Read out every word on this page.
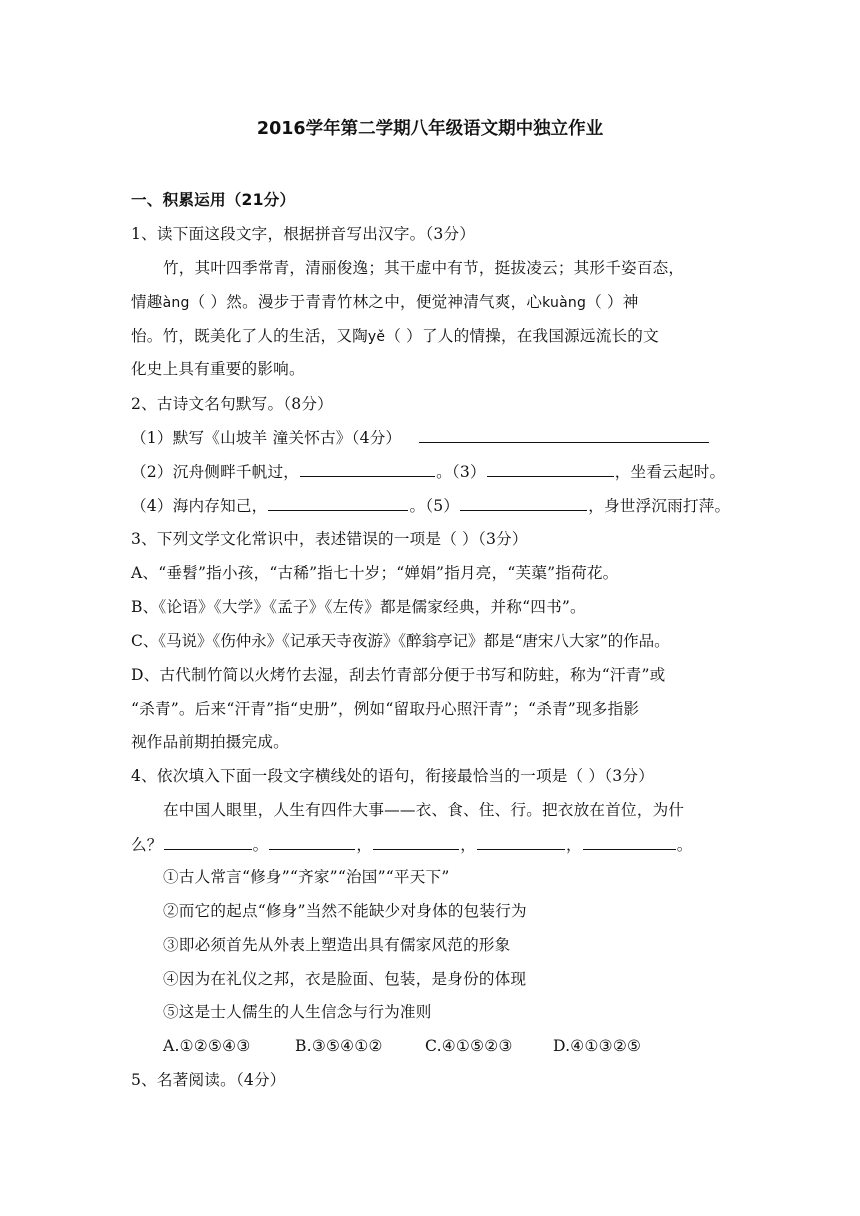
2016学年第二学期八年级语文期中独立作业
一、积累运用（21分）
1、读下面这段文字，根据拼音写出汉字。（3分）
竹，其叶四季常青，清丽俊逸；其干虚中有节，挺拔凌云；其形千姿百态，
情趣àng（ ）然。漫步于青青竹林之中，便觉神清气爽，心kuàng（ ）神
怡。竹，既美化了人的生活，又陶yě（ ）了人的情操，在我国源远流长的文
化史上具有重要的影响。
2、古诗文名句默写。（8分）
（1）默写《山坡羊 潼关怀古》（4分）
（2）沉舟侧畔千帆过，	。（3）	，坐看云起时。
（4）海内存知己，	。（5）	，身世浮沉雨打萍。
3、下列文学文化常识中，表述错误的一项是（ ）（3分）
A、“垂髫”指小孩，“古稀”指七十岁；“婵娟”指月亮，“芙蕖”指荷花。
B、《论语》《大学》《孟子》《左传》都是儒家经典，并称“四书”。
C、《马说》《伤仲永》《记承天寺夜游》《醉翁亭记》都是“唐宋八大家”的作品。
D、古代制竹简以火烤竹去湿，刮去竹青部分便于书写和防蛀，称为“汗青”或
“杀青”。后来“汗青”指“史册”，例如“留取丹心照汗青”；“杀青”现多指影
视作品前期拍摄完成。
4、依次填入下面一段文字横线处的语句，衔接最恰当的一项是（ ）（3分）
在中国人眼里，人生有四件大事——衣、食、住、行。把衣放在首位，为什
么？	。	，	，	，	。
①古人常言“修身”“齐家”“治国”“平天下”
②而它的起点“修身”当然不能缺少对身体的包装行为
③即必须首先从外表上塑造出具有儒家风范的形象
④因为在礼仪之邦，衣是脸面、包装，是身份的体现
⑤这是士人儒生的人生信念与行为准则
A.①②⑤④③	B.③⑤④①②	C.④①⑤②③	D.④①③②⑤
5、名著阅读。（4分）
